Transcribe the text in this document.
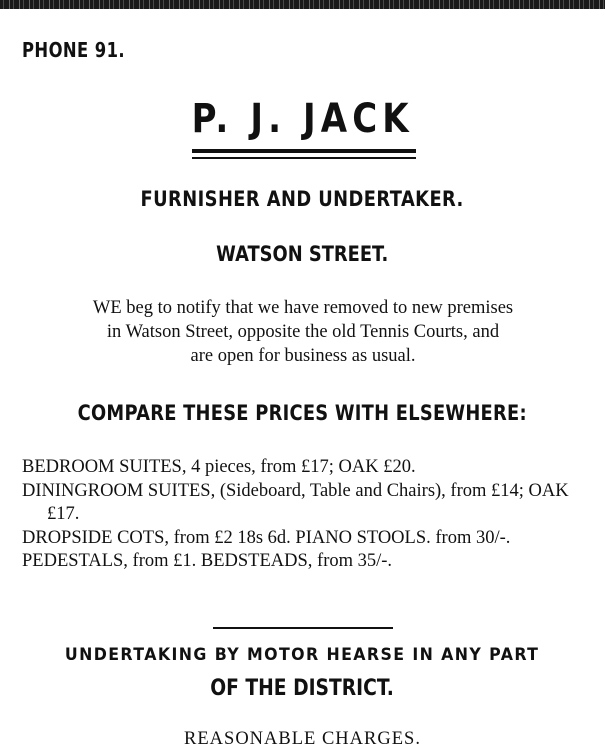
PHONE 91.
P. J. JACK
FURNISHER AND UNDERTAKER.
WATSON STREET.
WE beg to notify that we have removed to new premises
in Watson Street, opposite the old Tennis Courts, and
are open for business as usual.
COMPARE THESE PRICES WITH ELSEWHERE:
BEDROOM SUITES, 4 pieces, from £17; OAK £20.
DININGROOM SUITES, (Sideboard, Table and Chairs), from £14; OAK £17.
DROPSIDE COTS, from £2 18s 6d. PIANO STOOLS. from 30/-.
PEDESTALS, from £1. BEDSTEADS, from 35/-.
UNDERTAKING BY MOTOR HEARSE IN ANY PART
OF THE DISTRICT.
REASONABLE CHARGES.
